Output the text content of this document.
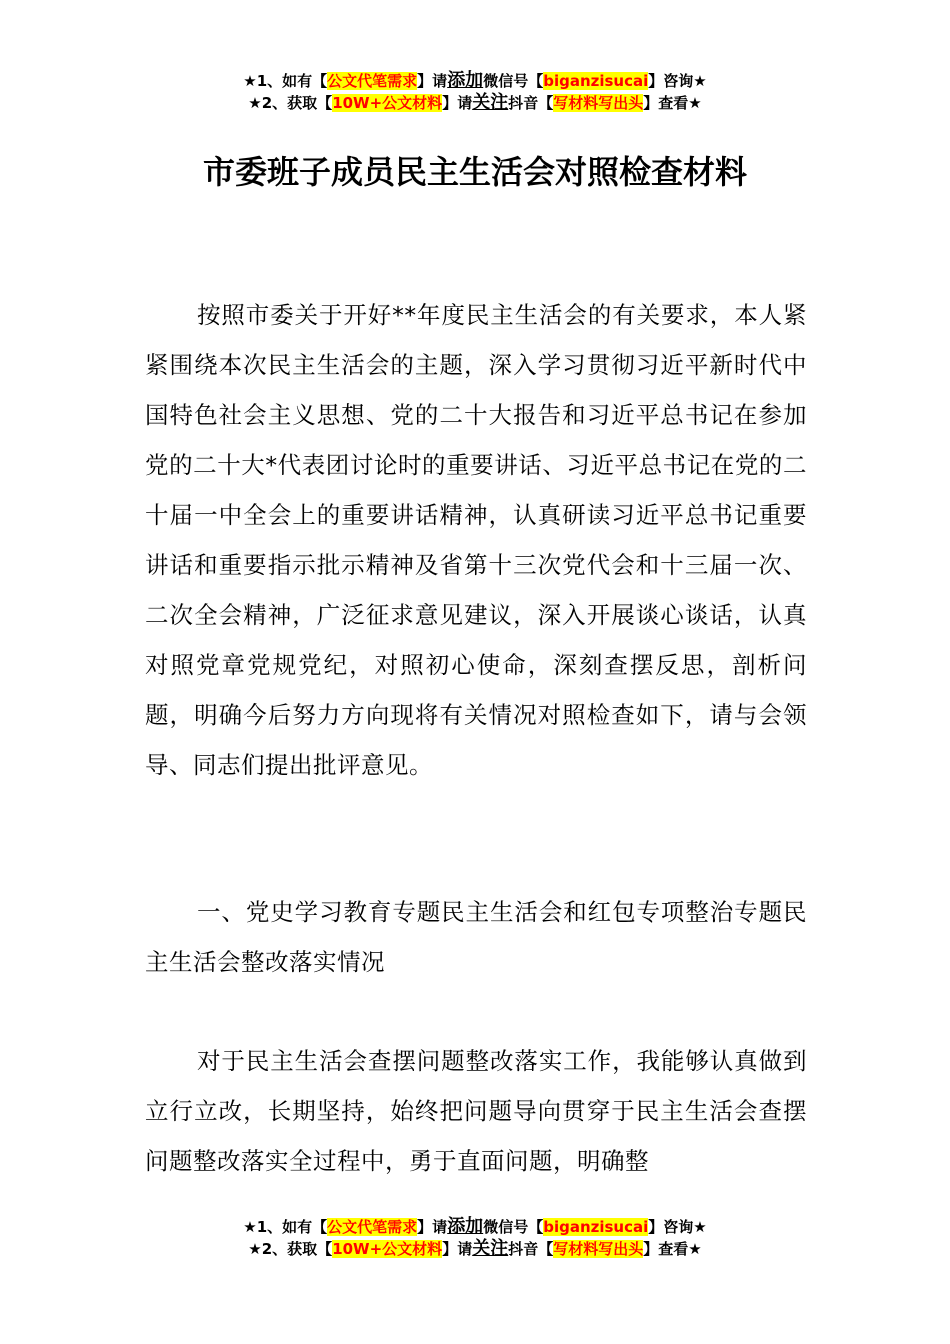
★1、如有【公文代笔需求】请添加微信号【biganzisucai】咨询★
★2、获取【10W+公文材料】请关注抖音【写材料写出头】查看★
市委班子成员民主生活会对照检查材料

按照市委关于开好**年度民主生活会的有关要求，本人紧紧围绕本次民主生活会的主题，深入学习贯彻习近平新时代中国特色社会主义思想、党的二十大报告和习近平总书记在参加党的二十大*代表团讨论时的重要讲话、习近平总书记在党的二十届一中全会上的重要讲话精神，认真研读习近平总书记重要讲话和重要指示批示精神及省第十三次党代会和十三届一次、二次全会精神，广泛征求意见建议，深入开展谈心谈话，认真对照党章党规党纪，对照初心使命，深刻查摆反思，剖析问题，明确今后努力方向现将有关情况对照检查如下，请与会领导、同志们提出批评意见。

一、党史学习教育专题民主生活会和红包专项整治专题民主生活会整改落实情况

对于民主生活会查摆问题整改落实工作，我能够认真做到立行立改，长期坚持，始终把问题导向贯穿于民主生活会查摆问题整改落实全过程中，勇于直面问题，明确整

★1、如有【公文代笔需求】请添加微信号【biganzisucai】咨询★
★2、获取【10W+公文材料】请关注抖音【写材料写出头】查看★
